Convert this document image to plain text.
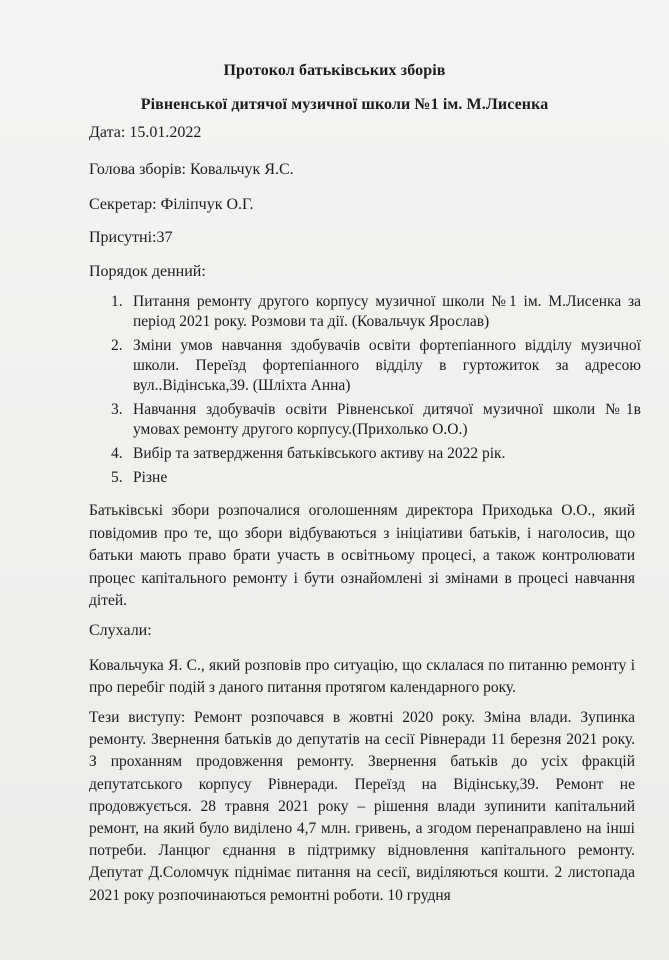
Протокол батьківських зборів
Рівненської дитячої музичної школи №1 ім. М.Лисенка
Дата: 15.01.2022
Голова зборів: Ковальчук Я.С.
Секретар: Філіпчук О.Г.
Присутні:37
Порядок денний:
1. Питання ремонту другого корпусу музичної школи №1 ім. М.Лисенка за період 2021 року. Розмови та дії. (Ковальчук Ярослав)
2. Зміни умов навчання здобувачів освіти фортепіанного відділу музичної школи. Переїзд фортепіанного відділу в гуртожиток за адресою вул..Відінська,39. (Шліхта Анна)
3. Навчання здобувачів освіти Рівненської дитячої музичної школи №1в умовах ремонту другого корпусу.(Прихолько О.О.)
4. Вибір та затвердження батьківського активу на 2022 рік.
5. Різне
Батьківські збори розпочалися оголошенням директора Приходька О.О., який повідомив про те, що збори відбуваються з ініціативи батьків, і наголосив, що батьки мають право брати участь в освітньому процесі, а також контролювати процес капітального ремонту і бути ознайомлені зі змінами в процесі навчання дітей.
Слухали:
Ковальчука Я. С., який розповів про ситуацію, що склалася по питанню ремонту і про перебіг подій з даного питання протягом календарного року.
Тези виступу: Ремонт розпочався в жовтні 2020 року. Зміна влади. Зупинка ремонту. Звернення батьків до депутатів на сесії Рівнеради 11 березня 2021 року. З проханням продовження ремонту. Звернення батьків до усіх фракцій депутатського корпусу Рівнеради. Переїзд на Відінську,39. Ремонт не продовжується. 28 травня 2021 року – рішення влади зупинити капітальний ремонт, на який було виділено 4,7 млн. гривень, а згодом перенаправлено на інші потреби. Ланцюг єднання в підтримку відновлення капітального ремонту. Депутат Д.Соломчук піднімає питання на сесії, виділяються кошти. 2 листопада 2021 року розпочинаються ремонтні роботи. 10 грудня
